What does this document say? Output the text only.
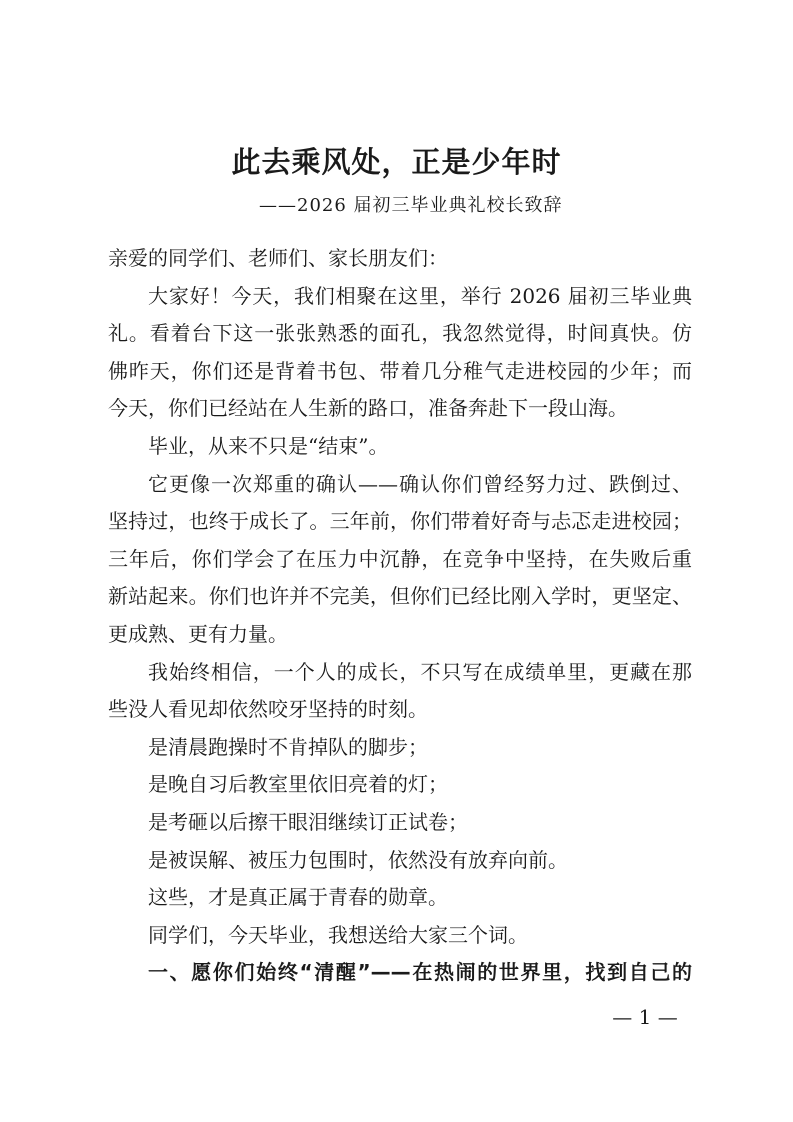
此去乘风处，正是少年时
——2026 届初三毕业典礼校长致辞
亲爱的同学们、老师们、家长朋友们：
大家好！今天，我们相聚在这里，举行 2026 届初三毕业典
礼。看着台下这一张张熟悉的面孔，我忽然觉得，时间真快。仿
佛昨天，你们还是背着书包、带着几分稚气走进校园的少年；而
今天，你们已经站在人生新的路口，准备奔赴下一段山海。
毕业，从来不只是“结束”。
它更像一次郑重的确认——确认你们曾经努力过、跌倒过、
坚持过，也终于成长了。三年前，你们带着好奇与忐忑走进校园；
三年后，你们学会了在压力中沉静，在竞争中坚持，在失败后重
新站起来。你们也许并不完美，但你们已经比刚入学时，更坚定、
更成熟、更有力量。
我始终相信，一个人的成长，不只写在成绩单里，更藏在那
些没人看见却依然咬牙坚持的时刻。
是清晨跑操时不肯掉队的脚步；
是晚自习后教室里依旧亮着的灯；
是考砸以后擦干眼泪继续订正试卷；
是被误解、被压力包围时，依然没有放弃向前。
这些，才是真正属于青春的勋章。
同学们，今天毕业，我想送给大家三个词。
一、愿你们始终“清醒”——在热闹的世界里，找到自己的
— 1 —
